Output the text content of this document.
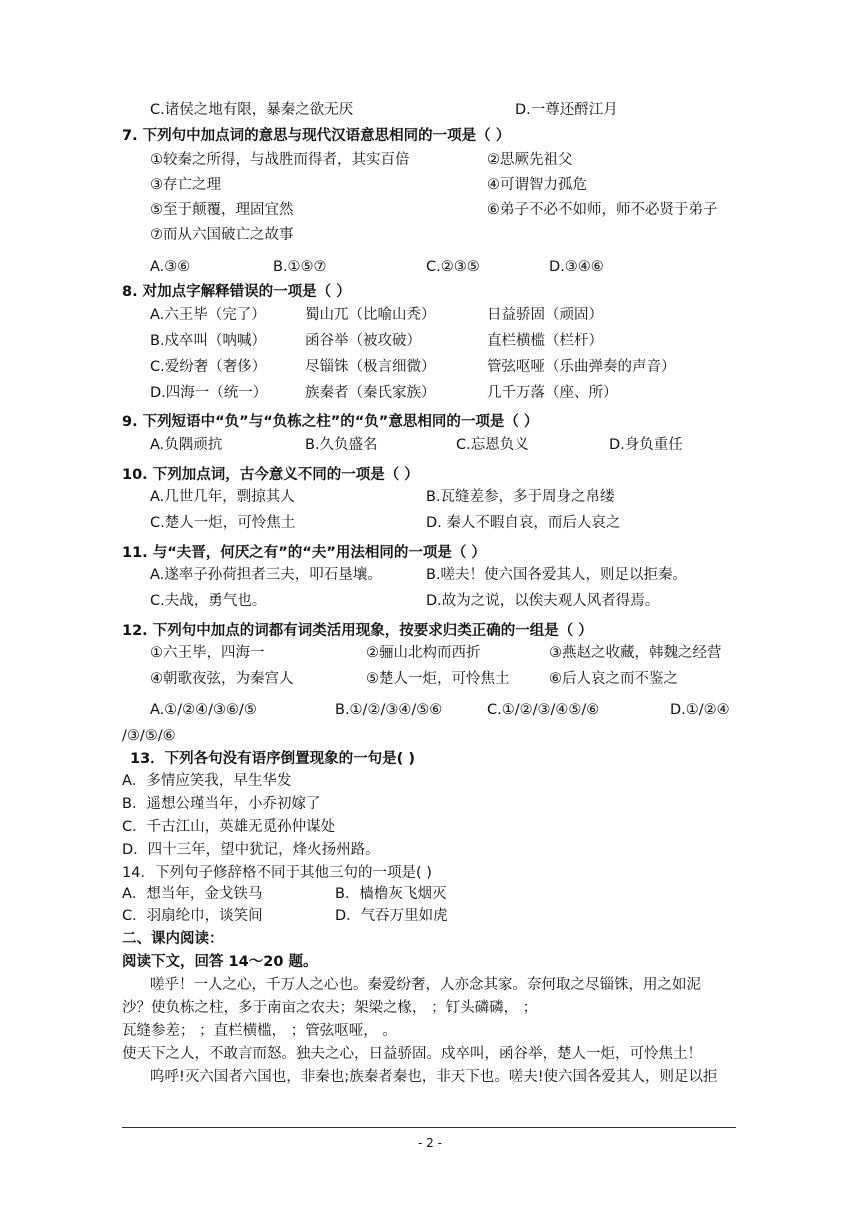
C.诸侯之地有限，暴秦之欲无厌	D.一尊还酹江月
7. 下列句中加点词的意思与现代汉语意思相同的一项是（ ）
①较秦之所得，与战胜而得者，其实百倍	②思厥先祖父
③存亡之理	④可谓智力孤危
⑤至于颠覆，理固宜然	⑥弟子不必不如师，师不必贤于弟子
⑦而从六国破亡之故事
A.③⑥	B.①⑤⑦	C.②③⑤	D.③④⑥
8. 对加点字解释错误的一项是（ ）
A.六王毕（完了）	蜀山兀（比喻山秃）	日益骄固（顽固）
B.戍卒叫（呐喊）	函谷举（被攻破）	直栏横槛（栏杆）
C.爱纷奢（奢侈）	尽锱铢（极言细微）	管弦呕哑（乐曲弹奏的声音）
D.四海一（统一）	族秦者（秦氏家族）	几千万落（座、所）
9. 下列短语中“负”与“负栋之柱”的“负”意思相同的一项是（ ）
A.负隅顽抗	B.久负盛名	C.忘恩负义	D.身负重任
10. 下列加点词，古今意义不同的一项是（ ）
A.几世几年，剽掠其人	B.瓦缝差参，多于周身之帛缕
C.楚人一炬，可怜焦土	D. 秦人不暇自哀，而后人哀之
11. 与“夫晋，何厌之有”的“夫”用法相同的一项是（ ）
A.遂率子孙荷担者三夫，叩石垦壤。	B.嗟夫！使六国各爱其人，则足以拒秦。
C.夫战，勇气也。	D.故为之说，以俟夫观人风者得焉。
12. 下列句中加点的词都有词类活用现象，按要求归类正确的一组是（ ）
①六王毕，四海一	②骊山北构而西折	③燕赵之收藏，韩魏之经营
④朝歌夜弦，为秦宫人	⑤楚人一炬，可怜焦土	⑥后人哀之而不鉴之
A.①/②④/③⑥/⑤	B.①/②/③④/⑤⑥	C.①/②/③/④⑤/⑥	D.①/②④
/③/⑤/⑥
13．下列各句没有语序倒置现象的一句是( )
A．多情应笑我，早生华发
B．遥想公瑾当年，小乔初嫁了
C．千古江山，英雄无觅孙仲谋处
D．四十三年，望中犹记，烽火扬州路。
14．下列句子修辞格不同于其他三句的一项是( )
A．想当年，金戈铁马	B．樯橹灰飞烟灭
C．羽扇纶巾，谈笑间	D．气吞万里如虎
二、课内阅读：
阅读下文，回答 14～20 题。
嗟乎！一人之心，千万人之心也。秦爱纷奢，人亦念其家。奈何取之尽锱铢，用之如泥
沙？使负栋之柱，多于南亩之农夫；架梁之椽， ；钉头磷磷， ；
瓦缝参差； ；直栏横槛， ；管弦呕哑， 。
使天下之人，不敢言而怒。独夫之心，日益骄固。戍卒叫，函谷举，楚人一炬，可怜焦土！
呜呼!灭六国者六国也，非秦也;族秦者秦也，非天下也。嗟夫!使六国各爱其人，则足以拒
- 2 -
